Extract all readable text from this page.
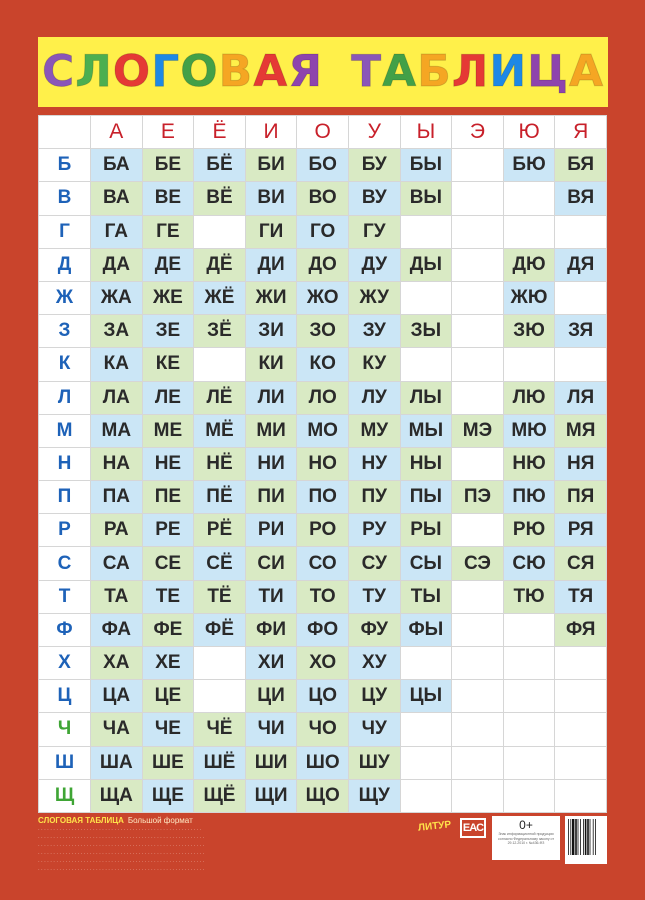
С Л О Г О В А Я Т А Б Л И Ц А
	А	Е	Ё	И	О	У	Ы	Э	Ю	Я
Б	БА	БЕ	БЁ	БИ	БО	БУ	БЫ		БЮ	БЯ
В	ВА	ВЕ	ВЁ	ВИ	ВО	ВУ	ВЫ			ВЯ
Г	ГА	ГЕ		ГИ	ГО	ГУ				
Д	ДА	ДЕ	ДЁ	ДИ	ДО	ДУ	ДЫ		ДЮ	ДЯ
Ж	ЖА	ЖЕ	ЖЁ	ЖИ	ЖО	ЖУ			ЖЮ	
З	ЗА	ЗЕ	ЗЁ	ЗИ	ЗО	ЗУ	ЗЫ		ЗЮ	ЗЯ
К	КА	КЕ		КИ	КО	КУ				
Л	ЛА	ЛЕ	ЛЁ	ЛИ	ЛО	ЛУ	ЛЫ		ЛЮ	ЛЯ
М	МА	МЕ	МЁ	МИ	МО	МУ	МЫ	МЭ	МЮ	МЯ
Н	НА	НЕ	НЁ	НИ	НО	НУ	НЫ		НЮ	НЯ
П	ПА	ПЕ	ПЁ	ПИ	ПО	ПУ	ПЫ	ПЭ	ПЮ	ПЯ
Р	РА	РЕ	РЁ	РИ	РО	РУ	РЫ		РЮ	РЯ
С	СА	СЕ	СЁ	СИ	СО	СУ	СЫ	СЭ	СЮ	СЯ
Т	ТА	ТЕ	ТЁ	ТИ	ТО	ТУ	ТЫ		ТЮ	ТЯ
Ф	ФА	ФЕ	ФЁ	ФИ	ФО	ФУ	ФЫ			ФЯ
Х	ХА	ХЕ		ХИ	ХО	ХУ				
Ц	ЦА	ЦЕ		ЦИ	ЦО	ЦУ	ЦЫ			
Ч	ЧА	ЧЕ	ЧЁ	ЧИ	ЧО	ЧУ				
Ш	ША	ШЕ	ШЁ	ШИ	ШО	ШУ				
Щ	ЩА	ЩЕ	ЩЁ	ЩИ	ЩО	ЩУ				
СЛОГОВАЯ ТАБЛИЦА Большой формат
· · · · · · · · · · · · · · · · · · · · · · · · · · · · · · · · · · · · · · · · · · · · · · · · · · · · · ·
· · · · · · · · · · · · · · · · · · · · · · · · · · · · · · · · · · · · · · · · · · · · · · · · · · · · · · ·
· · · · · · · · · · · · · · · · · · · · · · · · · · · · · · · · · · · · · · · · · · · · · · · · · · · · · · ·
· · · · · · · · · · · · · · · · · · · · · · · · · · · · · · · · · · · · · · · · · · · · · · · · · · · · · · ·
· · · · · · · · · · · · · · · · · · · · · · · · · · · · · · · · · · · · · · · · · · · · · · · · · · · · · · ·
· · · · · · · · · · · · · · · · · · · · · · · · · · · · · · · · · · · · · · · · · · · · · · · · · · · · · · ·
ЛИТУР EAC	0+
Знак информационной продукции согласно Федеральному закону от 29.12.2010 г. №436-ФЗ
